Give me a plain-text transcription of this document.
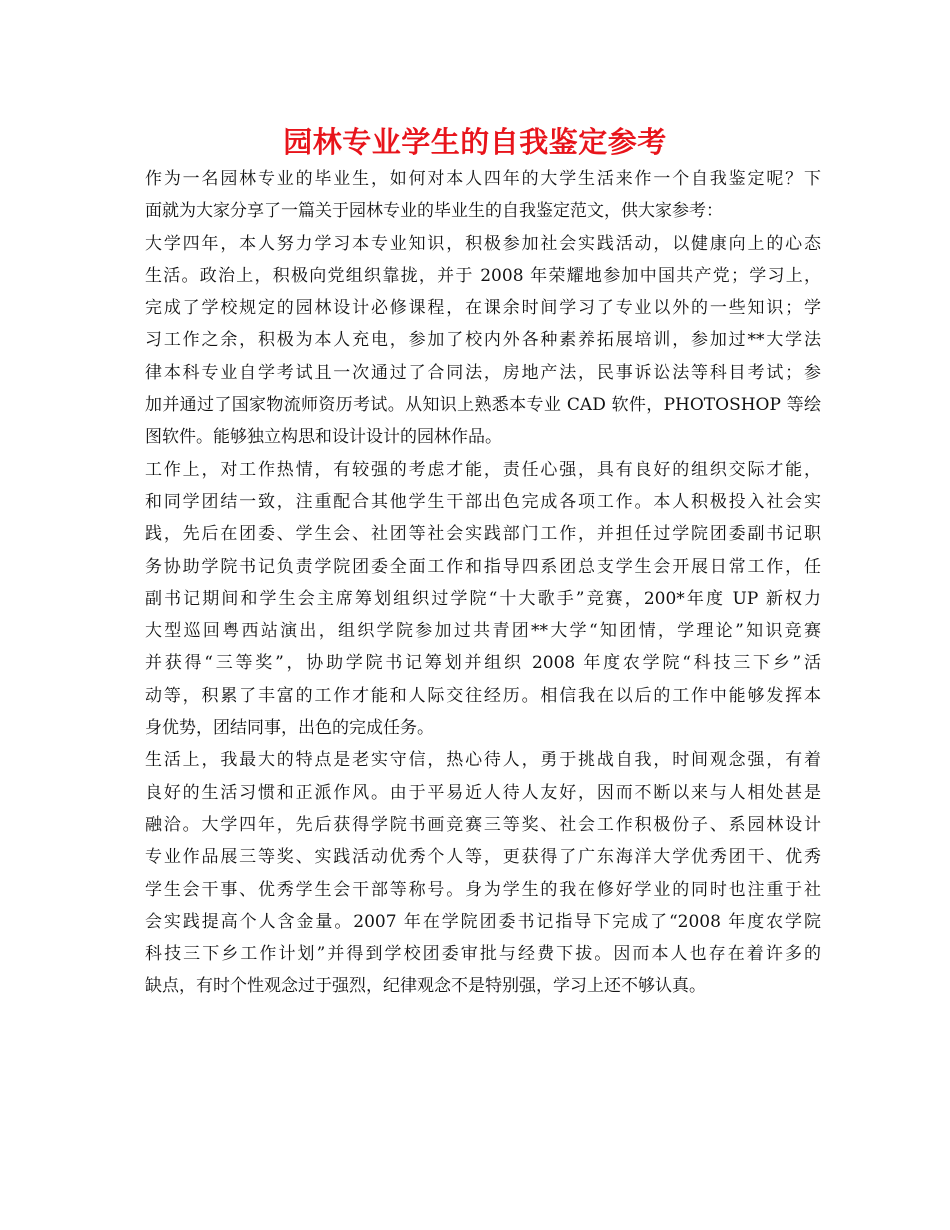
园林专业学生的自我鉴定参考
作为一名园林专业的毕业生，如何对本人四年的大学生活来作一个自我鉴定呢？下
面就为大家分享了一篇关于园林专业的毕业生的自我鉴定范文，供大家参考：
大学四年，本人努力学习本专业知识，积极参加社会实践活动，以健康向上的心态
生活。政治上，积极向党组织靠拢，并于 2008 年荣耀地参加中国共产党；学习上，
完成了学校规定的园林设计必修课程，在课余时间学习了专业以外的一些知识；学
习工作之余，积极为本人充电，参加了校内外各种素养拓展培训，参加过**大学法
律本科专业自学考试且一次通过了合同法，房地产法，民事诉讼法等科目考试；参
加并通过了国家物流师资历考试。从知识上熟悉本专业 CAD 软件，PHOTOSHOP 等绘
图软件。能够独立构思和设计设计的园林作品。
工作上，对工作热情，有较强的考虑才能，责任心强，具有良好的组织交际才能，
和同学团结一致，注重配合其他学生干部出色完成各项工作。本人积极投入社会实
践，先后在团委、学生会、社团等社会实践部门工作，并担任过学院团委副书记职
务协助学院书记负责学院团委全面工作和指导四系团总支学生会开展日常工作，任
副书记期间和学生会主席筹划组织过学院“十大歌手”竞赛，200*年度 UP 新权力
大型巡回粤西站演出，组织学院参加过共青团**大学“知团情，学理论”知识竞赛
并获得“三等奖”，协助学院书记筹划并组织 2008 年度农学院“科技三下乡”活
动等，积累了丰富的工作才能和人际交往经历。相信我在以后的工作中能够发挥本
身优势，团结同事，出色的完成任务。
生活上，我最大的特点是老实守信，热心待人，勇于挑战自我，时间观念强，有着
良好的生活习惯和正派作风。由于平易近人待人友好，因而不断以来与人相处甚是
融洽。大学四年，先后获得学院书画竞赛三等奖、社会工作积极份子、系园林设计
专业作品展三等奖、实践活动优秀个人等，更获得了广东海洋大学优秀团干、优秀
学生会干事、优秀学生会干部等称号。身为学生的我在修好学业的同时也注重于社
会实践提高个人含金量。2007 年在学院团委书记指导下完成了“2008 年度农学院
科技三下乡工作计划”并得到学校团委审批与经费下拔。因而本人也存在着许多的
缺点，有时个性观念过于强烈，纪律观念不是特别强，学习上还不够认真。
